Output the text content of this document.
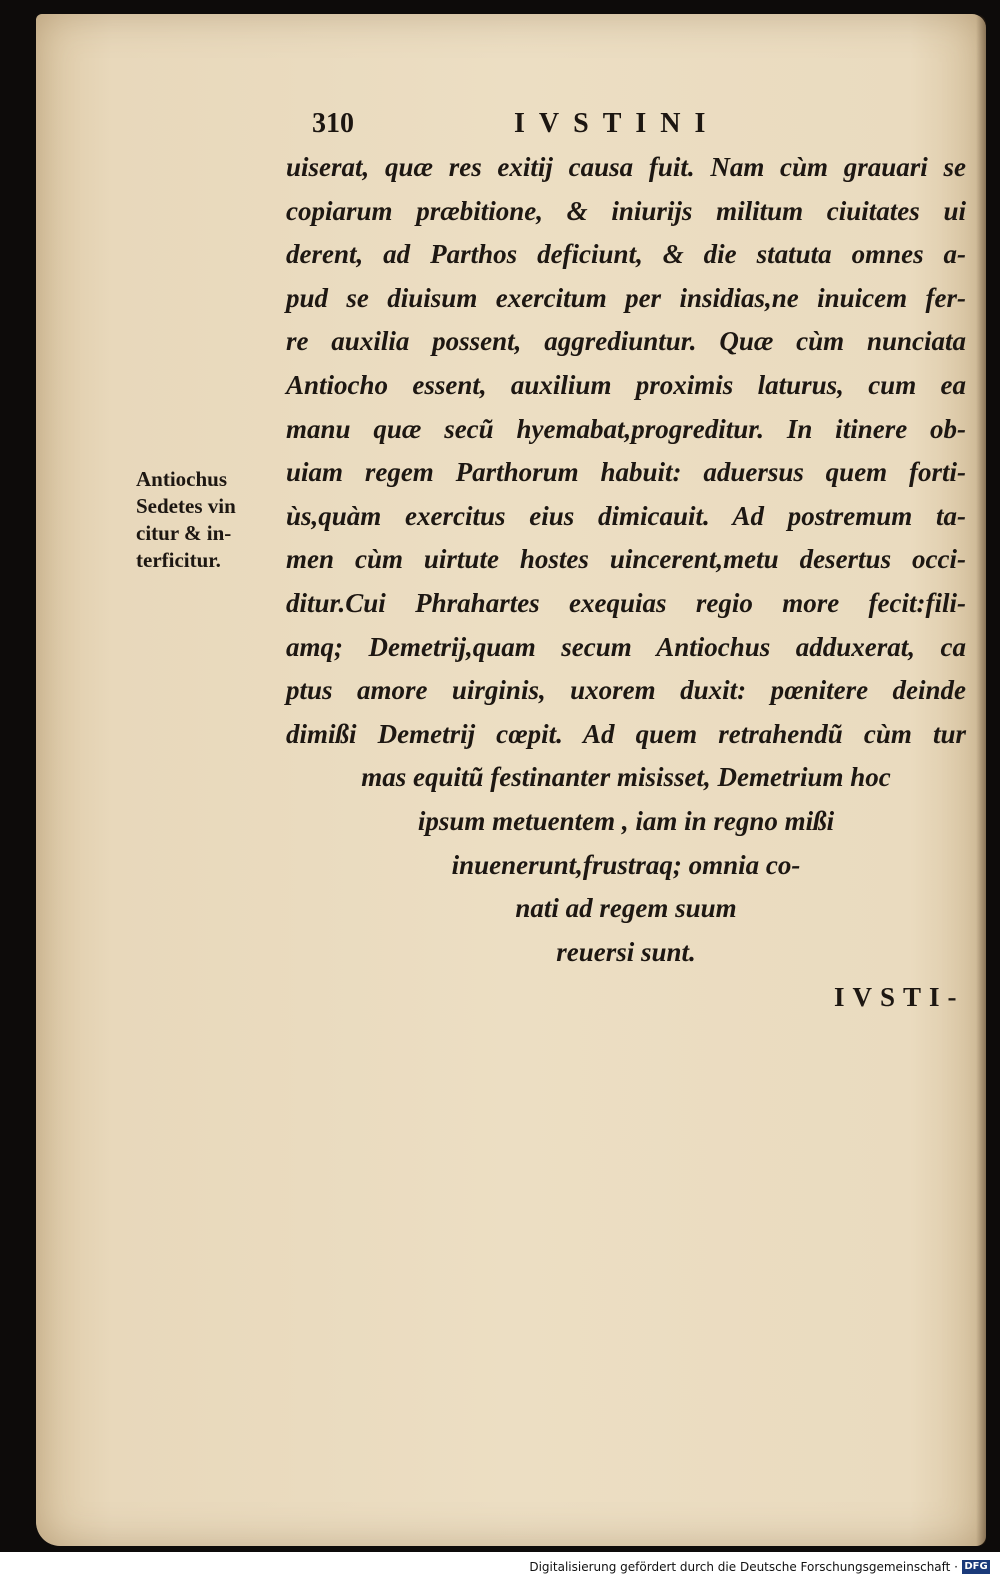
310	IVSTINI
Antiochus
Sedetes vin
citur & in-
terficitur.
uiserat, quæ res exitij causa fuit. Nam cùm grauari se
copiarum præbitione, & iniurijs militum ciuitates ui
derent, ad Parthos deficiunt, & die statuta omnes a-
pud se diuisum exercitum per insidias,ne inuicem fer-
re auxilia possent, aggrediuntur. Quæ cùm nunciata
Antiocho essent, auxilium proximis laturus, cum ea
manu quæ secũ hyemabat,progreditur. In itinere ob-
uiam regem Parthorum habuit: aduersus quem forti-
ùs,quàm exercitus eius dimicauit. Ad postremum ta-
men cùm uirtute hostes uincerent,metu desertus occi-
ditur.Cui Phrahartes exequias regio more fecit:fili-
amq; Demetrij,quam secum Antiochus adduxerat, ca
ptus amore uirginis, uxorem duxit: pœnitere deinde
dimißi Demetrij cœpit. Ad quem retrahendũ cùm tur
mas equitũ festinanter misisset, Demetrium hoc
ipsum metuentem , iam in regno mißi
inuenerunt,frustraq; omnia co-
nati ad regem suum
reuersi sunt.
IVSTI-
Digitalisierung gefördert durch die Deutsche Forschungsgemeinschaft · DFG
